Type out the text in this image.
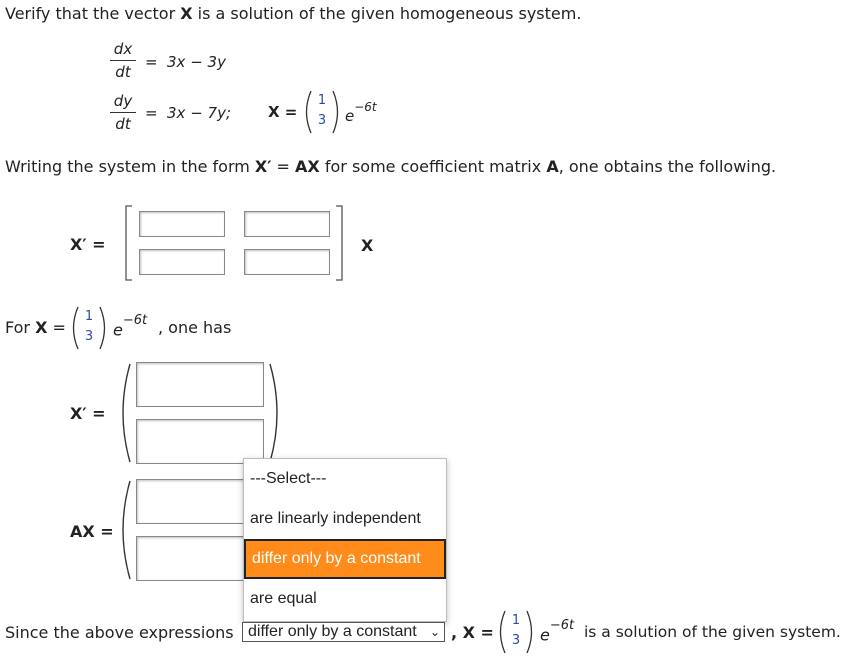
Verify that the vector X is a solution of the given homogeneous system.
dx
dt
= 3x − 3y
dy
dt
= 3x − 7y; X =
1
3 $e^{-6t}$
Writing the system in the form X′ = AX for some coefficient matrix A, one obtains the following.
X′ =	X
For X =
1
3 $e^{-6t}$ , one has
X′ =
AX =
---Select---
are linearly independent
differ only by a constant
are equal
Since the above expressions differ only by a constant ⌄ , X =
1
3 $e^{-6t}$ is a solution of the given system.
